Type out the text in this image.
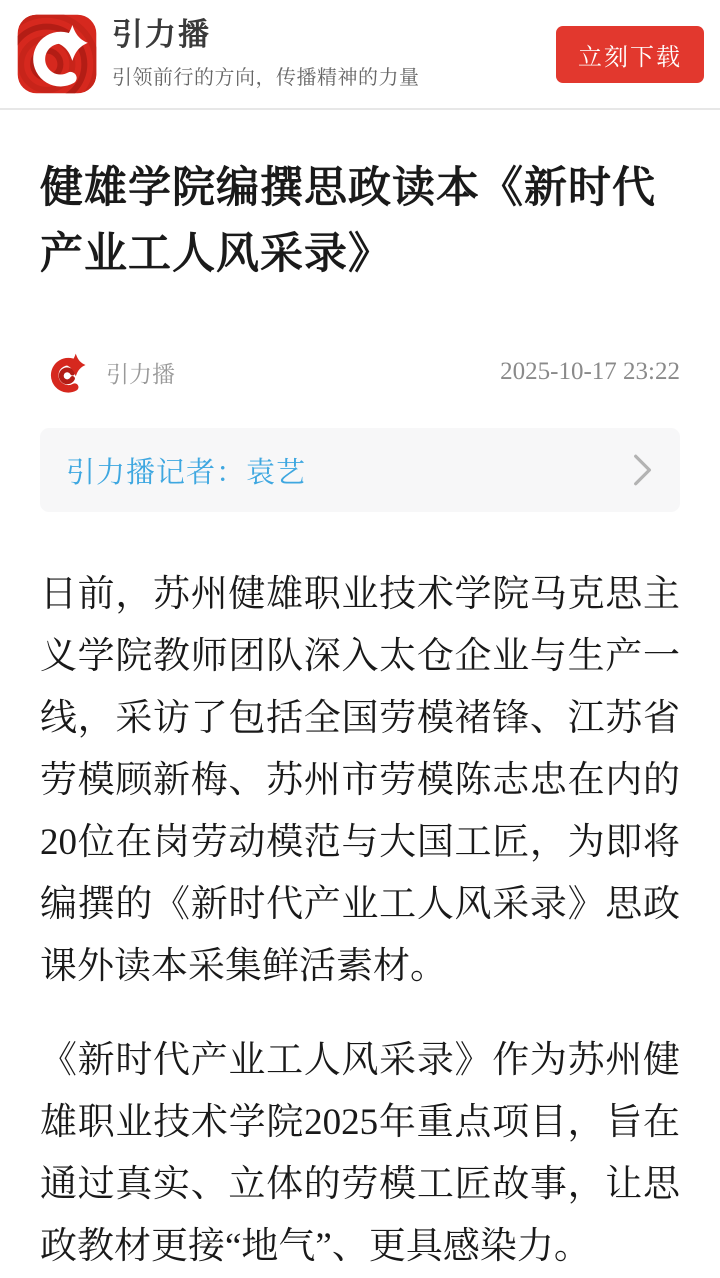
引力播
引领前行的方向，传播精神的力量
立刻下载
健雄学院编撰思政读本《新时代产业工人风采录》
引力播	2025-10-17 23:22
引力播记者：袁艺

日前，苏州健雄职业技术学院马克思主义学院教师团队深入太仓企业与生产一线，采访了包括全国劳模褚锋、江苏省劳模顾新梅、苏州市劳模陈志忠在内的20位在岗劳动模范与大国工匠，为即将编撰的《新时代产业工人风采录》思政课外读本采集鲜活素材。

《新时代产业工人风采录》作为苏州健雄职业技术学院2025年重点项目，旨在通过真实、立体的劳模工匠故事，让思政教材更接“地气”、更具感染力。
